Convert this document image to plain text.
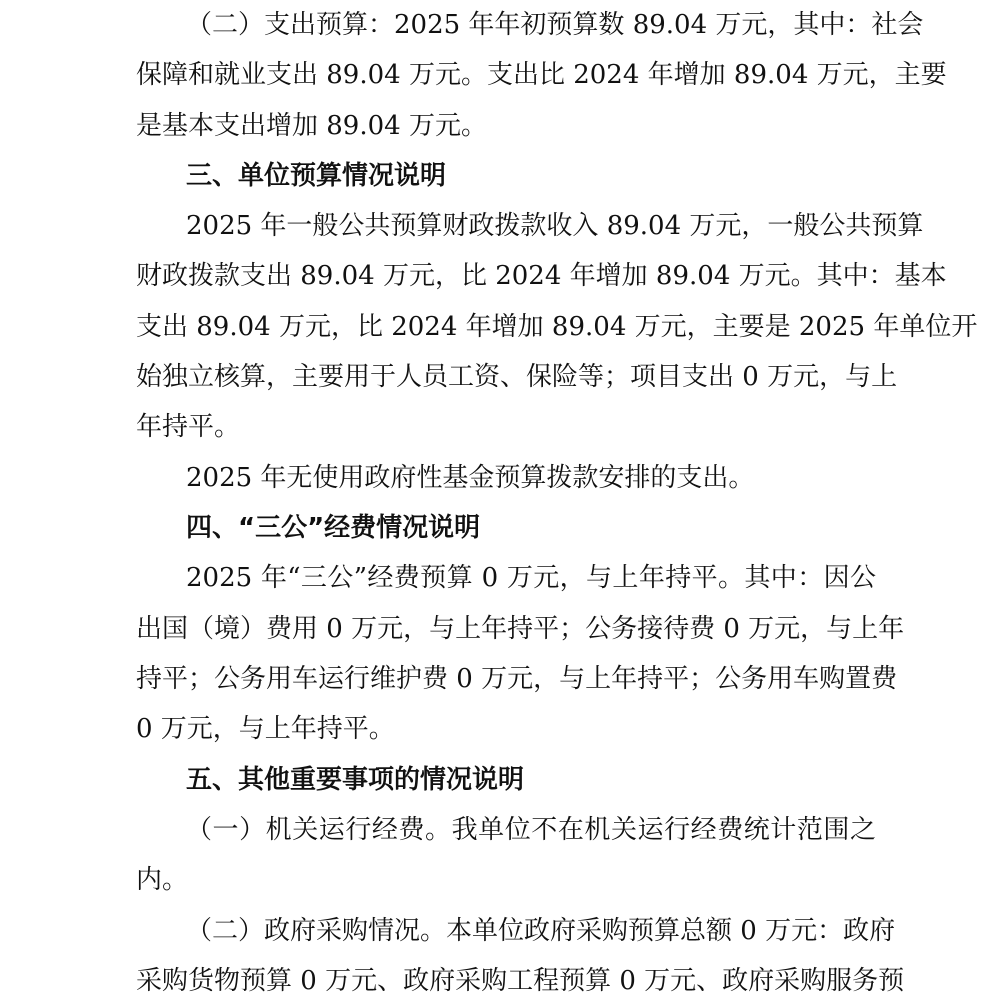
（二）支出预算：2025 年年初预算数 89.04 万元，其中：社会
保障和就业支出 89.04 万元。支出比 2024 年增加 89.04 万元，主要
是基本支出增加 89.04 万元。
三、单位预算情况说明
2025 年一般公共预算财政拨款收入 89.04 万元，一般公共预算
财政拨款支出 89.04 万元，比 2024 年增加 89.04 万元。其中：基本
支出 89.04 万元，比 2024 年增加 89.04 万元，主要是 2025 年单位开
始独立核算，主要用于人员工资、保险等；项目支出 0 万元，与上
年持平。
2025 年无使用政府性基金预算拨款安排的支出。
四、“三公”经费情况说明
2025 年“三公”经费预算 0 万元，与上年持平。其中：因公
出国（境）费用 0 万元，与上年持平；公务接待费 0 万元，与上年
持平；公务用车运行维护费 0 万元，与上年持平；公务用车购置费
0 万元，与上年持平。
五、其他重要事项的情况说明
（一）机关运行经费。我单位不在机关运行经费统计范围之
内。
（二）政府采购情况。本单位政府采购预算总额 0 万元：政府
采购货物预算 0 万元、政府采购工程预算 0 万元、政府采购服务预
